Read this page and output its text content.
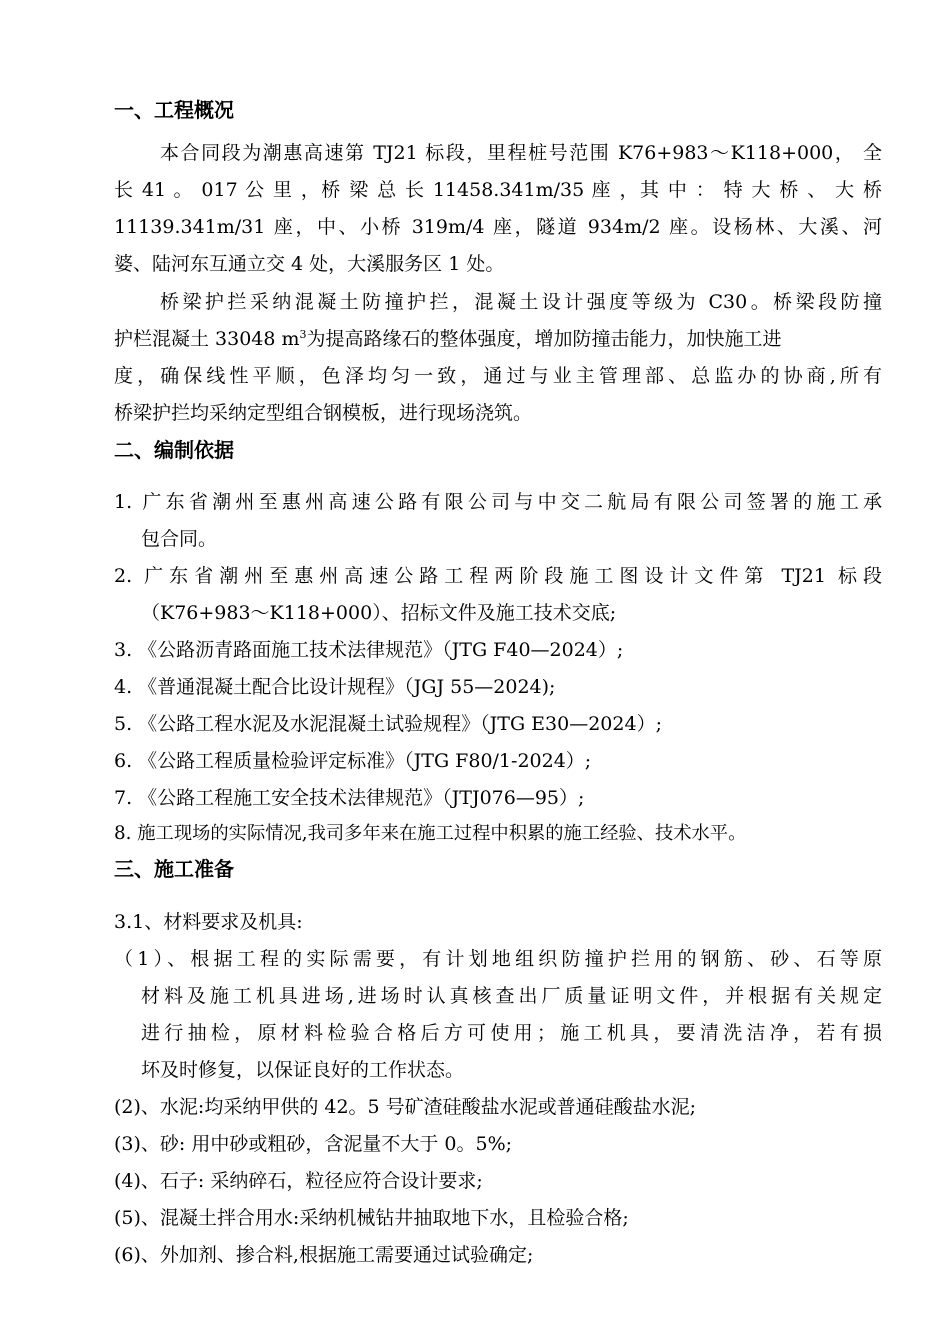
一、工程概况
本合同段为潮惠高速第 TJ21 标段，里程桩号范围 K76+983～K118+000， 全
长 41 。 017 公 里 ，桥 梁 总 长 11458.341m/35 座 ，其 中 ： 特 大 桥 、 大 桥
11139.341m/31 座，中、小桥 319m/4 座，隧道 934m/2 座。设杨林、大溪、河
婆、陆河东互通立交 4 处，大溪服务区 1 处。
桥梁护拦采纳混凝土防撞护拦，混凝土设计强度等级为 C30。桥梁段防撞
护栏混凝土 33048 $m^3$为提高路缘石的整体强度，增加防撞击能力，加快施工进
度，确保线性平顺，色泽均匀一致，通过与业主管理部、总监办的协商,所有
桥梁护拦均采纳定型组合钢模板，进行现场浇筑。
二、编制依据
1. 广东省潮州至惠州高速公路有限公司与中交二航局有限公司签署的施工承
包合同。
2. 广东省潮州至惠州高速公路工程两阶段施工图设计文件第 TJ21 标段
（K76+983～K118+000）、招标文件及施工技术交底;
3. 《公路沥青路面施工技术法律规范》（JTG F40—2024）;
4. 《普通混凝土配合比设计规程》（JGJ 55—2024);
5. 《公路工程水泥及水泥混凝土试验规程》（JTG E30—2024）;
6. 《公路工程质量检验评定标准》（JTG F80/1-2024）;
7. 《公路工程施工安全技术法律规范》（JTJ076—95）;
8. 施工现场的实际情况,我司多年来在施工过程中积累的施工经验、技术水平。
三、施工准备
3.1、材料要求及机具:
（1）、根据工程的实际需要，有计划地组织防撞护拦用的钢筋、砂、石等原
材料及施工机具进场,进场时认真核查出厂质量证明文件，并根据有关规定
进行抽检，原材料检验合格后方可使用；施工机具，要清洗洁净，若有损
坏及时修复，以保证良好的工作状态。
(2)、水泥:均采纳甲供的 42。5 号矿渣硅酸盐水泥或普通硅酸盐水泥;
(3)、砂: 用中砂或粗砂，含泥量不大于 0。5%;
(4)、石子: 采纳碎石，粒径应符合设计要求;
(5)、混凝土拌合用水:采纳机械钻井抽取地下水，且检验合格;
(6)、外加剂、掺合料,根据施工需要通过试验确定;
